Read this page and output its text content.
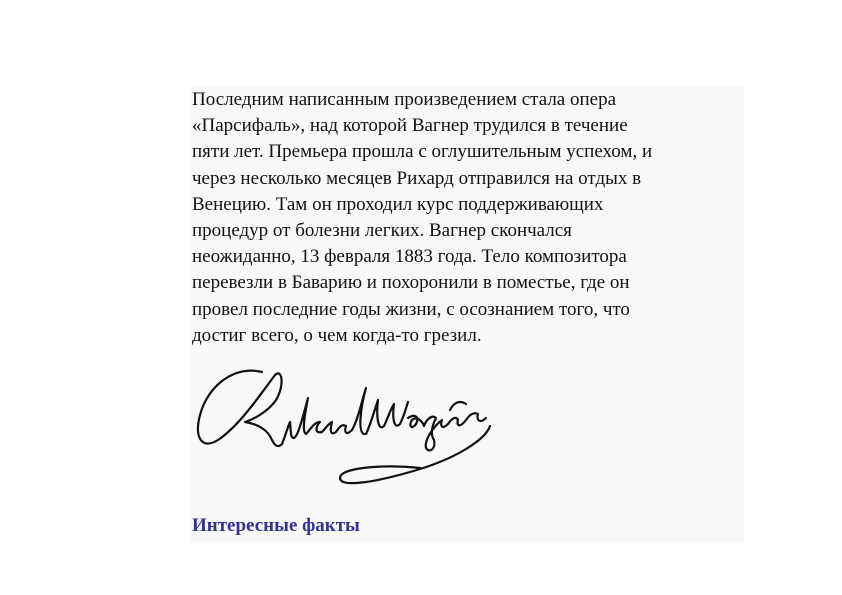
Последним написанным произведением стала опера
«Парсифаль», над которой Вагнер трудился в течение
пяти лет. Премьера прошла с оглушительным успехом, и
через несколько месяцев Рихард отправился на отдых в
Венецию. Там он проходил курс поддерживающих
процедур от болезни легких. Вагнер скончался
неожиданно, 13 февраля 1883 года. Тело композитора
перевезли в Баварию и похоронили в поместье, где он
провел последние годы жизни, с осознанием того, что
достиг всего, о чем когда-то грезил.

Интересные факты
